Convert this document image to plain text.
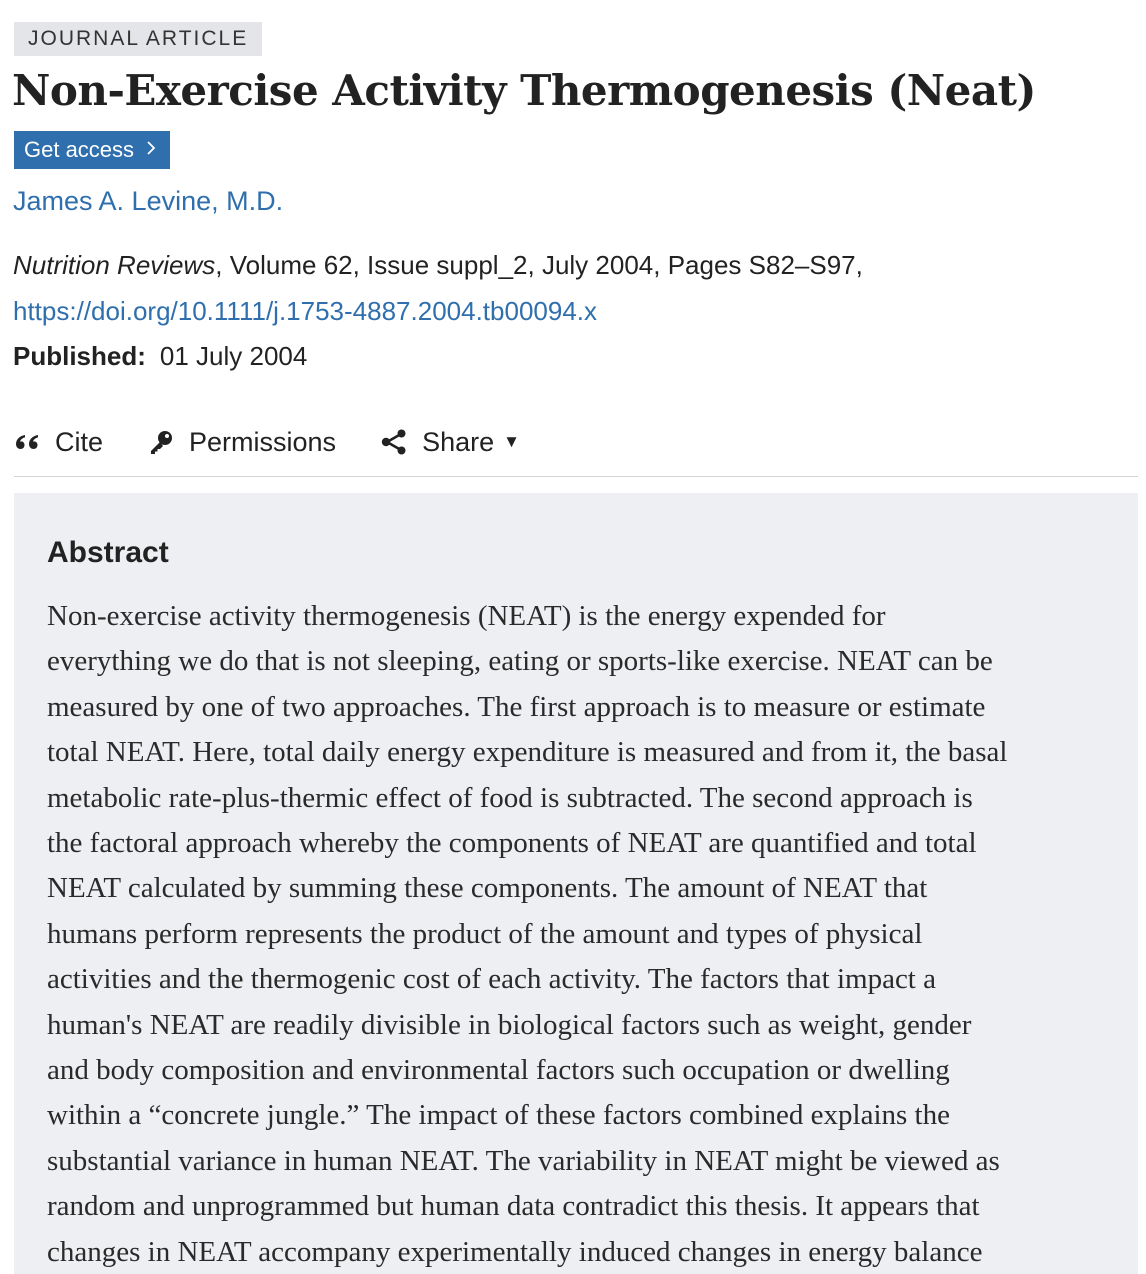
JOURNAL ARTICLE
Non-Exercise Activity Thermogenesis (Neat)
Get access
James A. Levine, M.D.
Nutrition Reviews, Volume 62, Issue suppl_2, July 2004, Pages S82–S97,
https://doi.org/10.1111/j.1753-4887.2004.tb00094.x
Published: 01 July 2004
Cite	Permissions	Share ▼
Abstract

Non-exercise activity thermogenesis (NEAT) is the energy expended for
everything we do that is not sleeping, eating or sports-like exercise. NEAT can be
measured by one of two approaches. The first approach is to measure or estimate
total NEAT. Here, total daily energy expenditure is measured and from it, the basal
metabolic rate-plus-thermic effect of food is subtracted. The second approach is
the factoral approach whereby the components of NEAT are quantified and total
NEAT calculated by summing these components. The amount of NEAT that
humans perform represents the product of the amount and types of physical
activities and the thermogenic cost of each activity. The factors that impact a
human's NEAT are readily divisible in biological factors such as weight, gender
and body composition and environmental factors such occupation or dwelling
within a “concrete jungle.” The impact of these factors combined explains the
substantial variance in human NEAT. The variability in NEAT might be viewed as
random and unprogrammed but human data contradict this thesis. It appears that
changes in NEAT accompany experimentally induced changes in energy balance
